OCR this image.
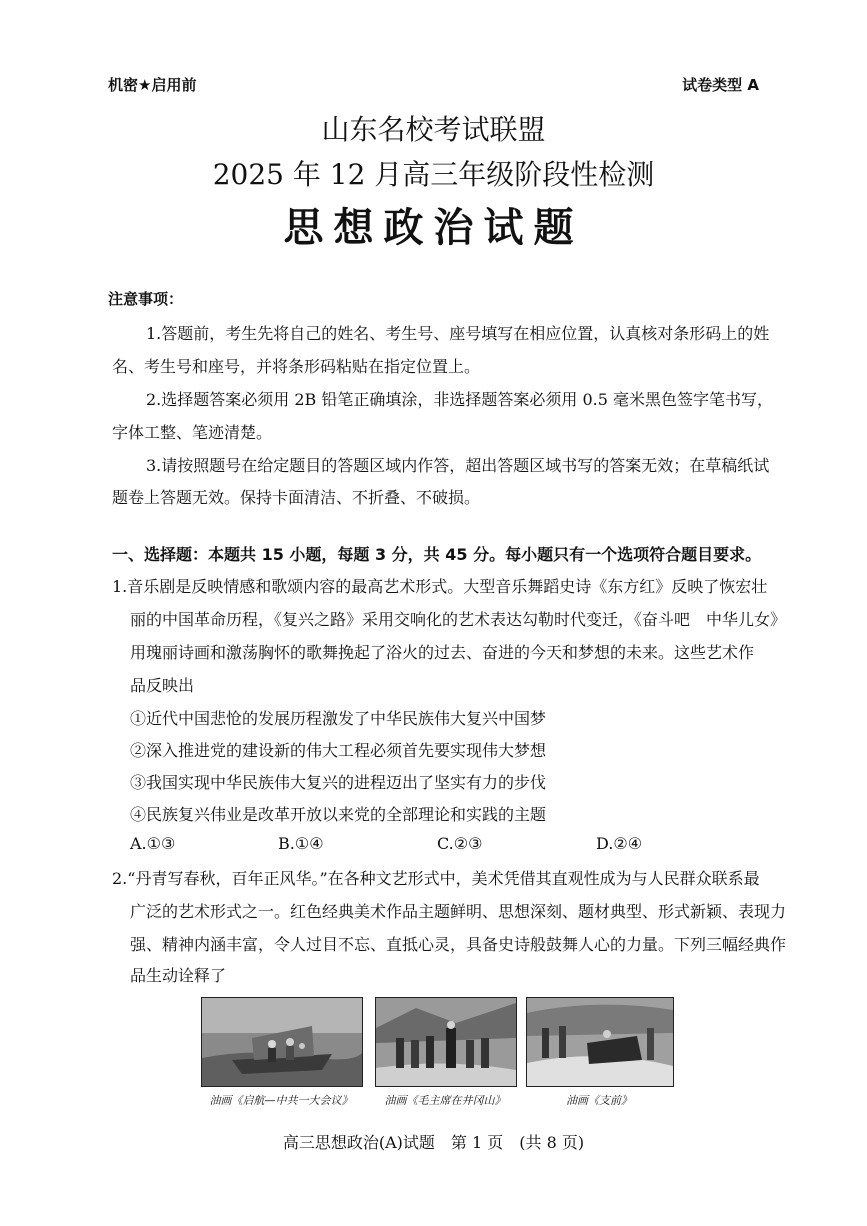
机密★启用前	试卷类型 A
山东名校考试联盟
2025 年 12 月高三年级阶段性检测
思想政治试题
注意事项：
1.答题前，考生先将自己的姓名、考生号、座号填写在相应位置，认真核对条形码上的姓
名、考生号和座号，并将条形码粘贴在指定位置上。
2.选择题答案必须用 2B 铅笔正确填涂，非选择题答案必须用 0.5 毫米黑色签字笔书写，
字体工整、笔迹清楚。
3.请按照题号在给定题目的答题区域内作答，超出答题区域书写的答案无效；在草稿纸试
题卷上答题无效。保持卡面清洁、不折叠、不破损。
一、选择题：本题共 15 小题，每题 3 分，共 45 分。每小题只有一个选项符合题目要求。
1.音乐剧是反映情感和歌颂内容的最高艺术形式。大型音乐舞蹈史诗《东方红》反映了恢宏壮
丽的中国革命历程，《复兴之路》采用交响化的艺术表达勾勒时代变迁，《奋斗吧　中华儿女》
用瑰丽诗画和激荡胸怀的歌舞挽起了浴火的过去、奋进的今天和梦想的未来。这些艺术作
品反映出
①近代中国悲怆的发展历程激发了中华民族伟大复兴中国梦
②深入推进党的建设新的伟大工程必须首先要实现伟大梦想
③我国实现中华民族伟大复兴的进程迈出了坚实有力的步伐
④民族复兴伟业是改革开放以来党的全部理论和实践的主题
A.①③	B.①④	C.②③	D.②④
2.“丹青写春秋，百年正风华。”在各种文艺形式中，美术凭借其直观性成为与人民群众联系最
广泛的艺术形式之一。红色经典美术作品主题鲜明、思想深刻、题材典型、形式新颖、表现力
强、精神内涵丰富，令人过目不忘、直抵心灵，具备史诗般鼓舞人心的力量。下列三幅经典作
品生动诠释了
油画《启航—中共一大会议》	油画《毛主席在井冈山》	油画《支前》
高三思想政治(A)试题　第 1 页　(共 8 页)
